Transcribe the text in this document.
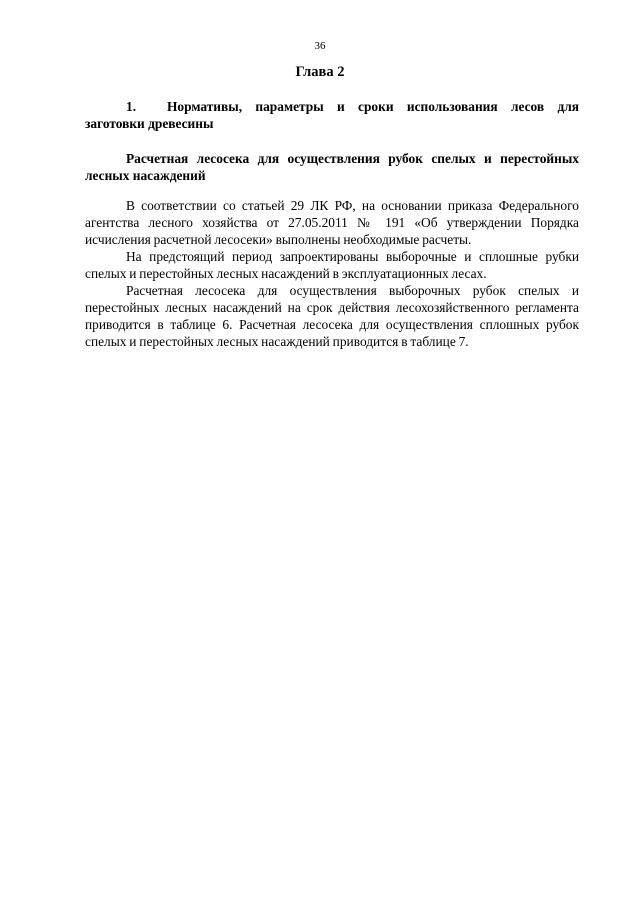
36
Глава 2
1. Нормативы, параметры и сроки использования лесов для заготовки древесины
Расчетная лесосека для осуществления рубок спелых и перестойных лесных насаждений

В соответствии со статьей 29 ЛК РФ, на основании приказа Федерального агентства лесного хозяйства от 27.05.2011 № 191 «Об утверждении Порядка исчисления расчетной лесосеки» выполнены необходимые расчеты.

На предстоящий период запроектированы выборочные и сплошные рубки спелых и перестойных лесных насаждений в эксплуатационных лесах.

Расчетная лесосека для осуществления выборочных рубок спелых и перестойных лесных насаждений на срок действия лесохозяйственного регламента приводится в таблице 6. Расчетная лесосека для осуществления сплошных рубок спелых и перестойных лесных насаждений приводится в таблице 7.
